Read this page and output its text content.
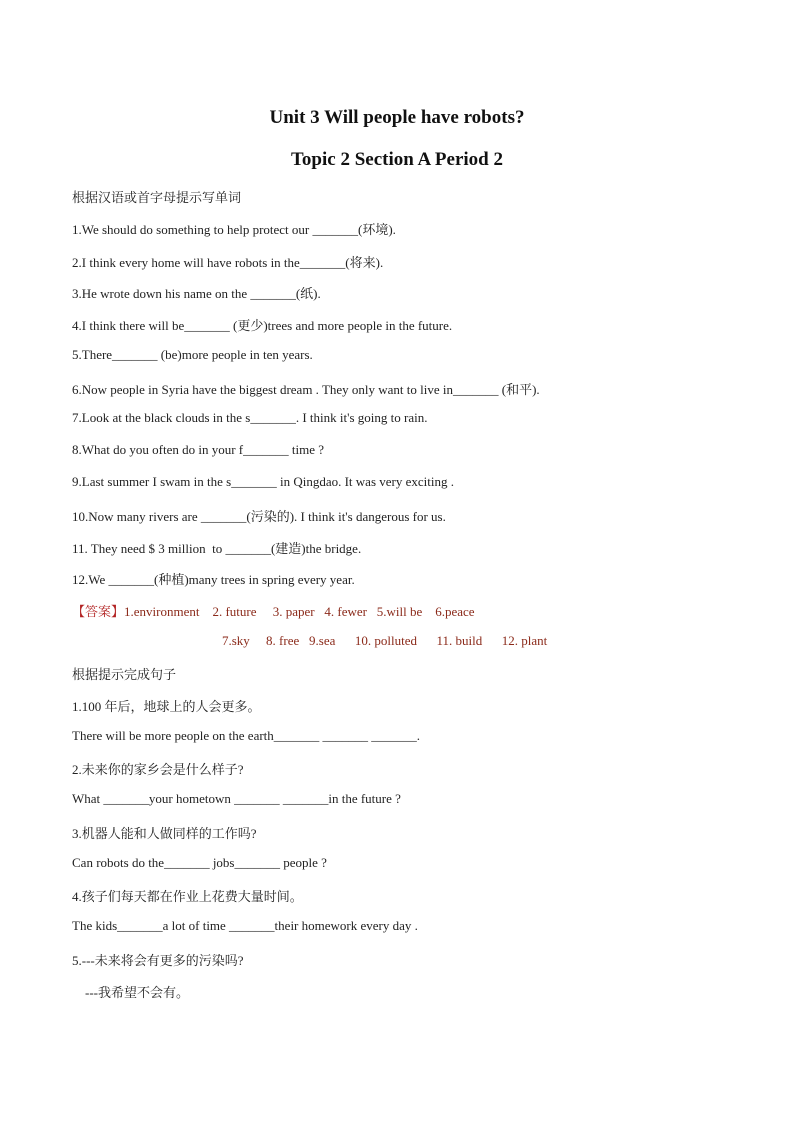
Unit 3 Will people have robots?
Topic 2 Section A Period 2
根据汉语或首字母提示写单词
1.We should do something to help protect our _______(环境).
2.I think every home will have robots in the_______(将来).
3.He wrote down his name on the _______(纸).
4.I think there will be_______ (更少)trees and more people in the future.
5.There_______ (be)more people in ten years.
6.Now people in Syria have the biggest dream . They only want to live in_______ (和平).
7.Look at the black clouds in the s_______. I think it's going to rain.
8.What do you often do in your f_______ time ?
9.Last summer I swam in the s_______ in Qingdao. It was very exciting .
10.Now many rivers are _______(污染的). I think it's dangerous for us.
11. They need $ 3 million  to _______(建造)the bridge.
12.We _______(种植)many trees in spring every year.
【答案】1.environment    2. future     3. paper   4. fewer   5.will be    6.peace
7.sky     8. free   9.sea      10. polluted      11. build      12. plant
根据提示完成句子
1.100 年后，地球上的人会更多。
There will be more people on the earth_______ _______ _______.
2.未来你的家乡会是什么样子?
What _______your hometown _______ _______in the future ?
3.机器人能和人做同样的工作吗?
Can robots do the_______ jobs_______ people ?
4.孩子们每天都在作业上花费大量时间。
The kids_______a lot of time _______their homework every day .
5.---未来将会有更多的污染吗?
---我希望不会有。
